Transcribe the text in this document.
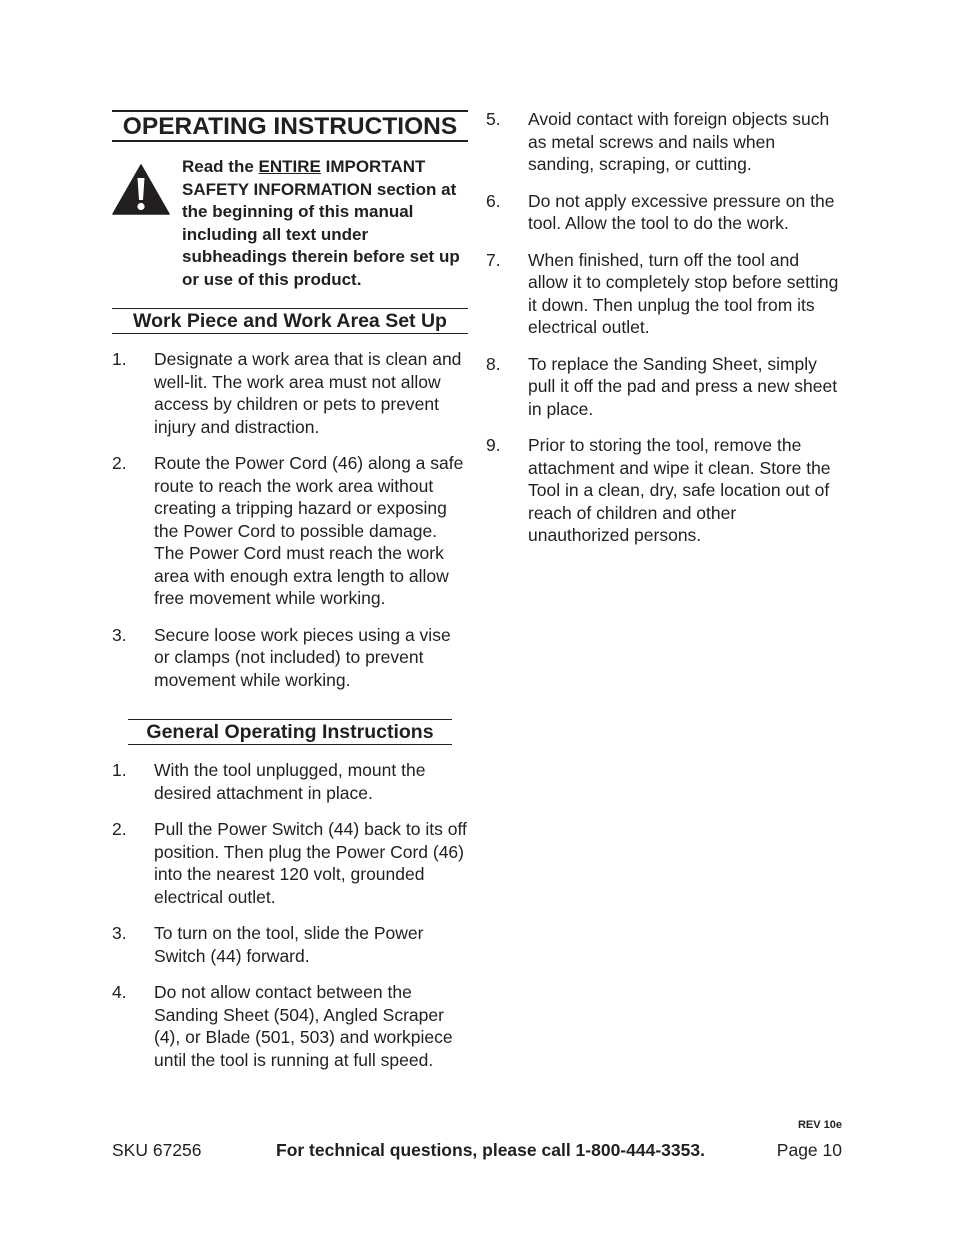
OPERATING INSTRUCTIONS
Read the ENTIRE IMPORTANT SAFETY INFORMATION section at the beginning of this manual including all text under subheadings therein before set up or use of this product.
Work Piece and Work Area Set Up
1. Designate a work area that is clean and well-lit. The work area must not allow access by children or pets to prevent injury and distraction.
2. Route the Power Cord (46) along a safe route to reach the work area without creating a tripping hazard or exposing the Power Cord to possible damage. The Power Cord must reach the work area with enough extra length to allow free movement while working.
3. Secure loose work pieces using a vise or clamps (not included) to prevent movement while working.
General Operating Instructions
1. With the tool unplugged, mount the desired attachment in place.
2. Pull the Power Switch (44) back to its off position. Then plug the Power Cord (46) into the nearest 120 volt, grounded electrical outlet.
3. To turn on the tool, slide the Power Switch (44) forward.
4. Do not allow contact between the Sanding Sheet (504), Angled Scraper (4), or Blade (501, 503) and workpiece until the tool is running at full speed.
5. Avoid contact with foreign objects such as metal screws and nails when sanding, scraping, or cutting.
6. Do not apply excessive pressure on the tool. Allow the tool to do the work.
7. When finished, turn off the tool and allow it to completely stop before setting it down. Then unplug the tool from its electrical outlet.
8. To replace the Sanding Sheet, simply pull it off the pad and press a new sheet in place.
9. Prior to storing the tool, remove the attachment and wipe it clean. Store the Tool in a clean, dry, safe location out of reach of children and other unauthorized persons.
REV 10e
SKU 67256	For technical questions, please call 1-800-444-3353.	Page 10
